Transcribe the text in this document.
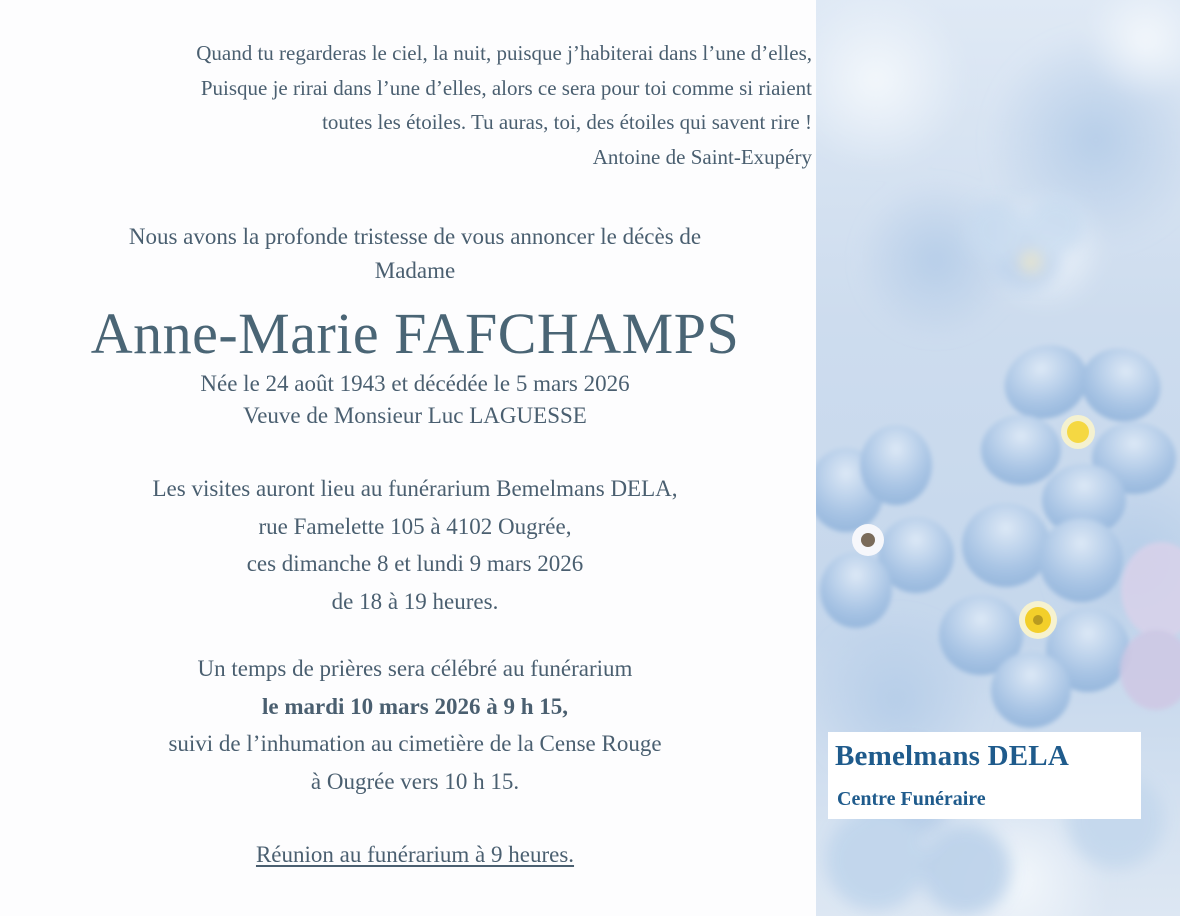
Quand tu regarderas le ciel, la nuit, puisque j’habiterai dans l’une d’elles,
Puisque je rirai dans l’une d’elles, alors ce sera pour toi comme si riaient
toutes les étoiles. Tu auras, toi, des étoiles qui savent rire !
Antoine de Saint-Exupéry
Nous avons la profonde tristesse de vous annoncer le décès de
Madame
Anne-Marie FAFCHAMPS
Née le 24 août 1943 et décédée le 5 mars 2026
Veuve de Monsieur Luc LAGUESSE
Les visites auront lieu au funérarium Bemelmans DELA,
rue Famelette 105 à 4102 Ougrée,
ces dimanche 8 et lundi 9 mars 2026
de 18 à 19 heures.
Un temps de prières sera célébré au funérarium
le mardi 10 mars 2026 à 9 h 15,
suivi de l’inhumation au cimetière de la Cense Rouge
à Ougrée vers 10 h 15.
Réunion au funérarium à 9 heures.
Bemelmans DELA
Centre Funéraire
